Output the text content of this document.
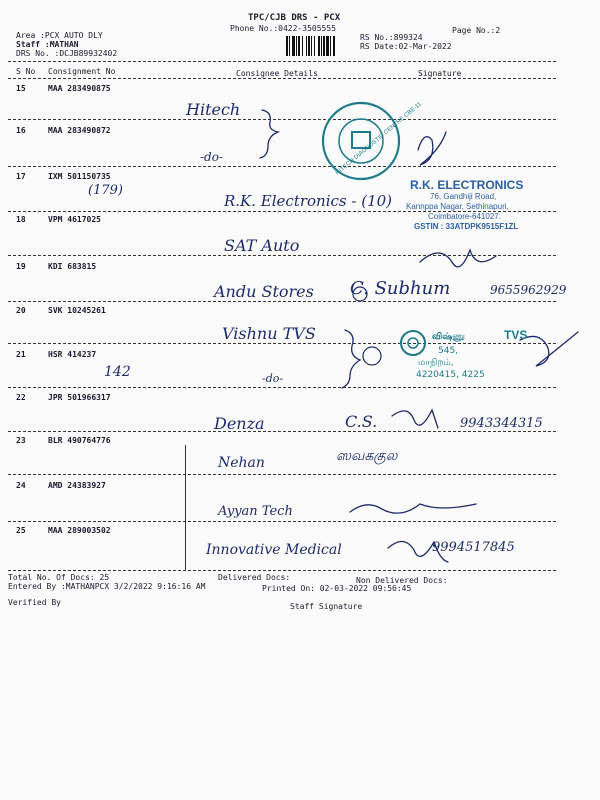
TPC/CJB DRS - PCX
Phone No.:0422-3505555	Page No.:2
Area :PCX AUTO DLY
Staff :MATHAN
DRS No. :DCJB89932402
RS No.:899324
RS Date:02-Mar-2022
S No Consignment No	Consignee Details	Signature
15	MAA 283490875
Hitech
16	MAA 283490872
-do-
17	IXM 501150735
(179)
R.K. Electronics - (10)
18	VPM 4617025
SAT Auto
19	KDI 683815
Andu Stores C. Subhum	9655962929
20	SVK 10245261
Vishnu TVS
21	HSR 414237
142	-do-
22	JPR 501966317
Denza	C.S.	9943344315
23	BLR 490764776
Nehan	ஸவககுல
24	AMD 24383927
Ayyan Tech
25	MAA 289003502
Innovative Medical	9994517845
HITECH DIAGNOSTIC CENTRE CBE-11
R.K. ELECTRONICS
76, Gandhiji Road,
Kannppa Nagar, Sethinapuri,
Coimbatore-641027.
GSTIN : 33ATDPK9515F1ZL
விஷ்ணு	TVS
545,
மாநிறம்,
4220415, 4225
Total No. Of Docs: 25	Delivered Docs:	Non Delivered Docs:
Entered By :MATHANPCX 3/2/2022 9:16:16 AM	Printed On: 02-03-2022 09:56:45
Verified By	Staff Signature
